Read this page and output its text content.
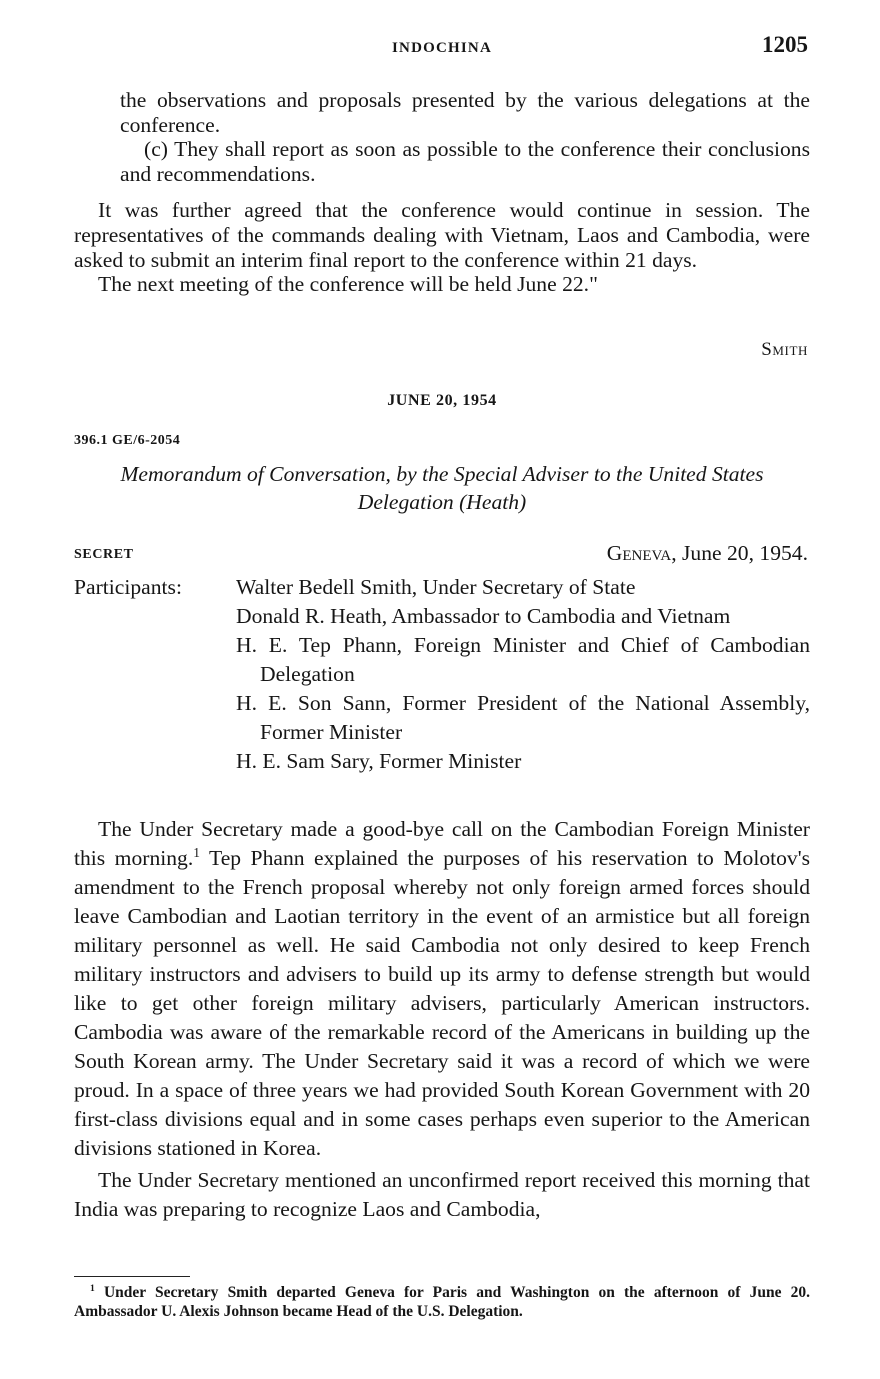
INDOCHINA	1205

the observations and proposals presented by the various delegations at the conference.

(c) They shall report as soon as possible to the conference their conclusions and recommendations.

It was further agreed that the conference would continue in session. The representatives of the commands dealing with Vietnam, Laos and Cambodia, were asked to submit an interim final report to the conference within 21 days.

The next meeting of the conference will be held June 22."

Smith
JUNE 20, 1954
396.1 GE/6-2054
Memorandum of Conversation, by the Special Adviser to the United States Delegation (Heath)
SECRET	Geneva, June 20, 1954.
Participants:	Walter Bedell Smith, Under Secretary of State
Donald R. Heath, Ambassador to Cambodia and Vietnam
H. E. Tep Phann, Foreign Minister and Chief of Cambodian Delegation
H. E. Son Sann, Former President of the National Assembly, Former Minister
H. E. Sam Sary, Former Minister

The Under Secretary made a good-bye call on the Cambodian Foreign Minister this morning.$^1$ Tep Phann explained the purposes of his reservation to Molotov's amendment to the French proposal whereby not only foreign armed forces should leave Cambodian and Laotian territory in the event of an armistice but all foreign military personnel as well. He said Cambodia not only desired to keep French military instructors and advisers to build up its army to defense strength but would like to get other foreign military advisers, particularly American instructors. Cambodia was aware of the remarkable record of the Americans in building up the South Korean army. The Under Secretary said it was a record of which we were proud. In a space of three years we had provided South Korean Government with 20 first-class divisions equal and in some cases perhaps even superior to the American divisions stationed in Korea.

The Under Secretary mentioned an unconfirmed report received this morning that India was preparing to recognize Laos and Cambodia,

$^1$ Under Secretary Smith departed Geneva for Paris and Washington on the afternoon of June 20. Ambassador U. Alexis Johnson became Head of the U.S. Delegation.
